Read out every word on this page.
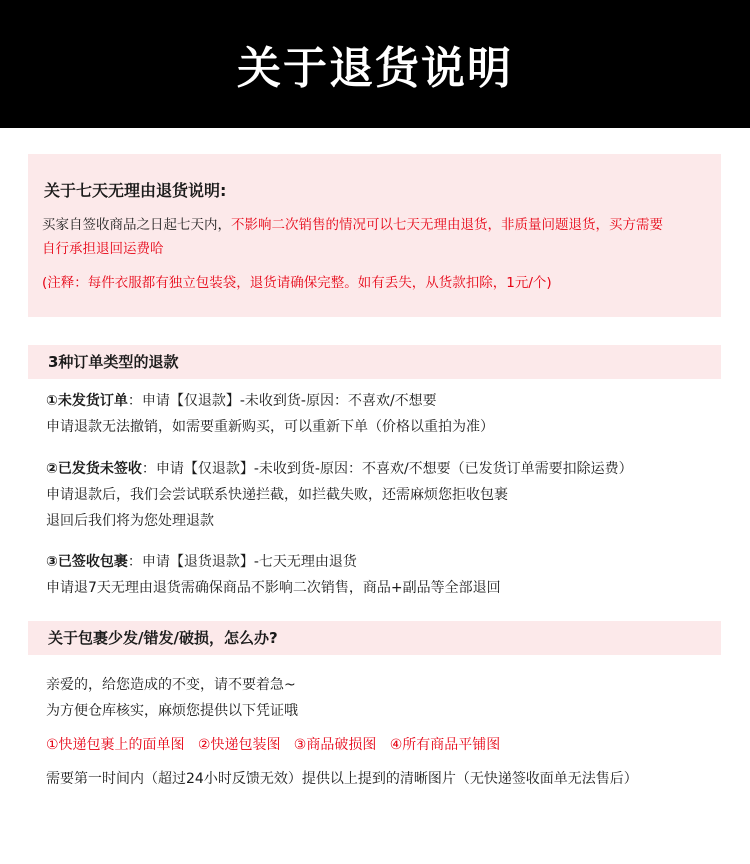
关于退货说明
关于七天无理由退货说明:
买家自签收商品之日起七天内，不影响二次销售的情况可以七天无理由退货，非质量问题退货，买方需要
自行承担退回运费哈
(注释：每件衣服都有独立包装袋，退货请确保完整。如有丢失，从货款扣除，1元/个)
3种订单类型的退款
①未发货订单：申请【仅退款】-未收到货-原因：不喜欢/不想要
申请退款无法撤销，如需要重新购买，可以重新下单（价格以重拍为准）
②已发货未签收：申请【仅退款】-未收到货-原因：不喜欢/不想要（已发货订单需要扣除运费）
申请退款后，我们会尝试联系快递拦截，如拦截失败，还需麻烦您拒收包裹
退回后我们将为您处理退款
③已签收包裹：申请【退货退款】-七天无理由退货
申请退7天无理由退货需确保商品不影响二次销售，商品+副品等全部退回
关于包裹少发/错发/破损，怎么办?
亲爱的，给您造成的不变，请不要着急~
为方便仓库核实，麻烦您提供以下凭证哦
①快递包裹上的面单图   ②快递包装图   ③商品破损图   ④所有商品平铺图
需要第一时间内（超过24小时反馈无效）提供以上提到的清晰图片（无快递签收面单无法售后）
